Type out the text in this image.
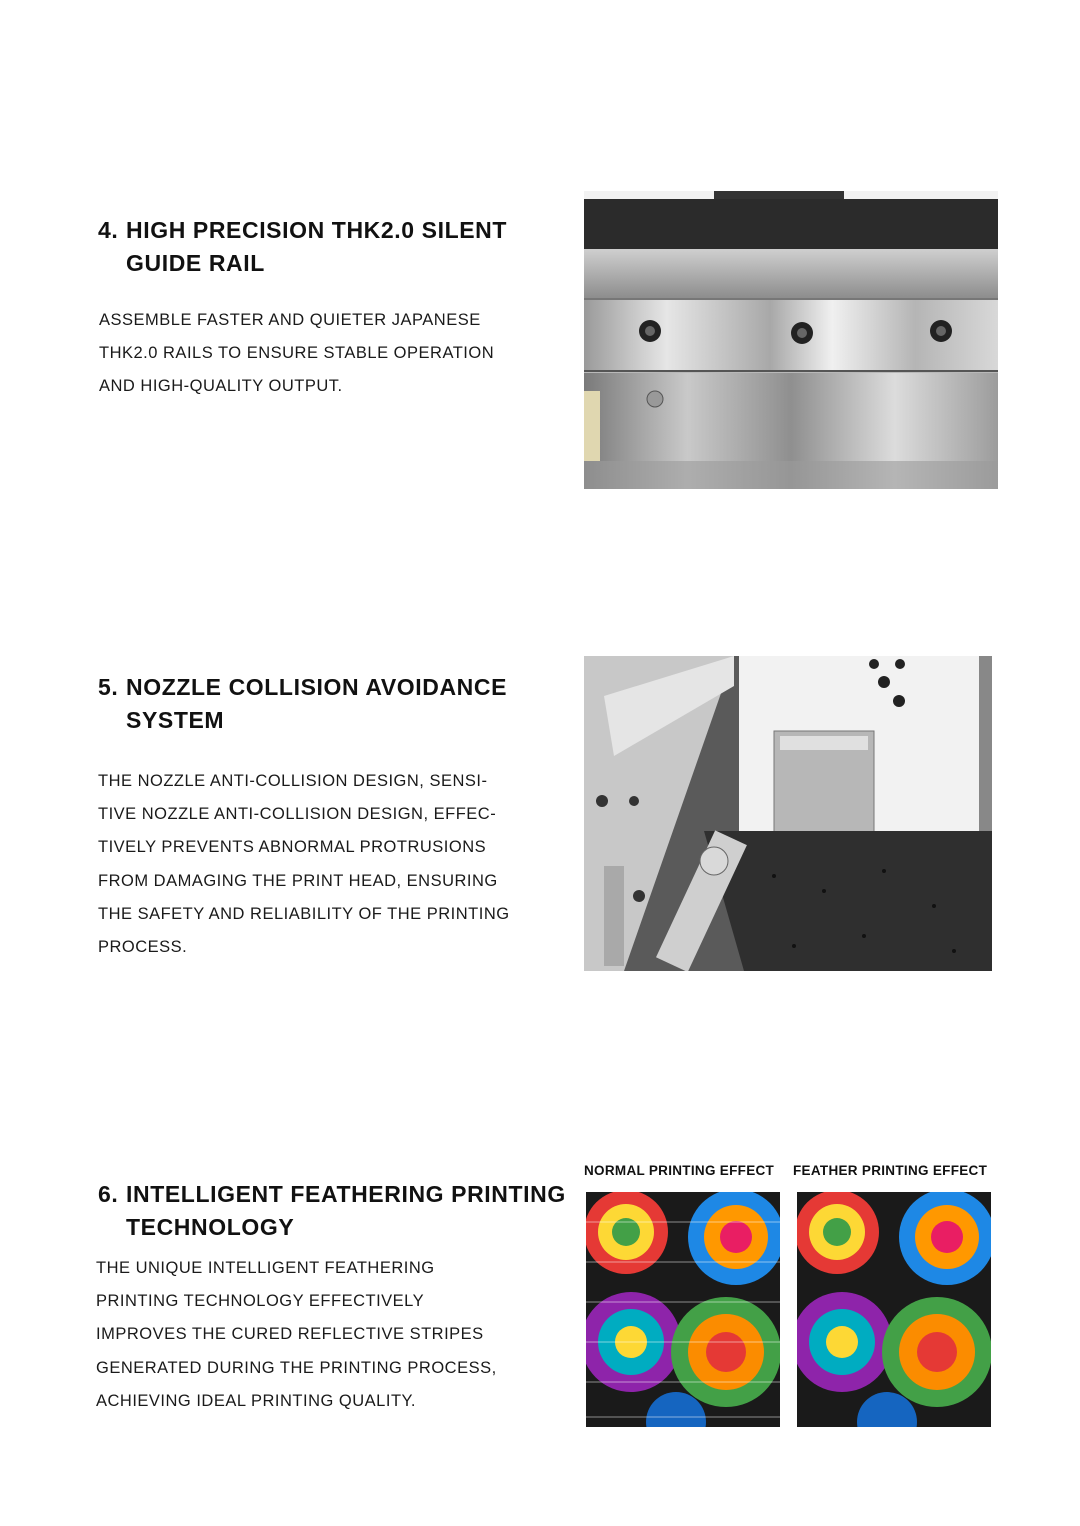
4. HIGH PRECISION THK2.0 SILENT
GUIDE RAIL
ASSEMBLE FASTER AND QUIETER JAPANESE
THK2.0 RAILS TO ENSURE STABLE OPERATION
AND HIGH-QUALITY OUTPUT.
5. NOZZLE COLLISION AVOIDANCE
SYSTEM
THE NOZZLE ANTI-COLLISION DESIGN, SENSI-
TIVE NOZZLE ANTI-COLLISION DESIGN, EFFEC-
TIVELY PREVENTS ABNORMAL PROTRUSIONS
FROM DAMAGING THE PRINT HEAD, ENSURING
THE SAFETY AND RELIABILITY OF THE PRINTING
PROCESS.
6. INTELLIGENT FEATHERING PRINTING
TECHNOLOGY
THE UNIQUE INTELLIGENT FEATHERING
PRINTING TECHNOLOGY EFFECTIVELY
IMPROVES THE CURED REFLECTIVE STRIPES
GENERATED DURING THE PRINTING PROCESS,
ACHIEVING IDEAL PRINTING QUALITY.
NORMAL PRINTING EFFECT FEATHER PRINTING EFFECT
